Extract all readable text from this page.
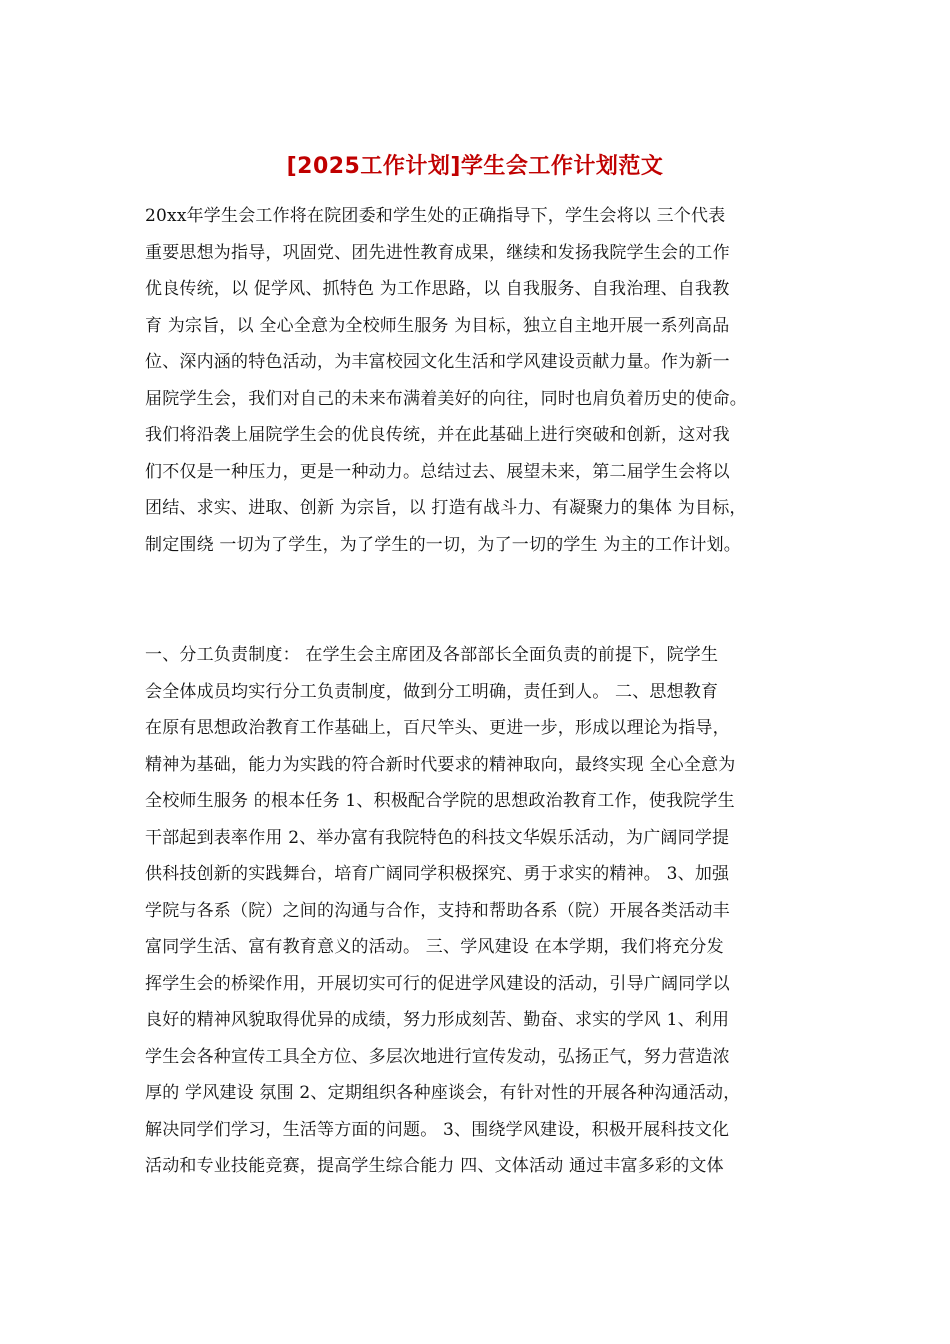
[2025工作计划]学生会工作计划范文
20xx年学生会工作将在院团委和学生处的正确指导下，学生会将以 三个代表
重要思想为指导，巩固党、团先进性教育成果，继续和发扬我院学生会的工作
优良传统，以 促学风、抓特色 为工作思路，以 自我服务、自我治理、自我教
育 为宗旨，以 全心全意为全校师生服务 为目标，独立自主地开展一系列高品
位、深内涵的特色活动，为丰富校园文化生活和学风建设贡献力量。作为新一
届院学生会，我们对自己的未来布满着美好的向往，同时也肩负着历史的使命。
我们将沿袭上届院学生会的优良传统，并在此基础上进行突破和创新，这对我
们不仅是一种压力，更是一种动力。总结过去、展望未来，第二届学生会将以
团结、求实、进取、创新 为宗旨，以 打造有战斗力、有凝聚力的集体 为目标，
制定围绕 一切为了学生，为了学生的一切，为了一切的学生 为主的工作计划。
一、分工负责制度： 在学生会主席团及各部部长全面负责的前提下，院学生
会全体成员均实行分工负责制度，做到分工明确，责任到人。 二、思想教育
在原有思想政治教育工作基础上，百尺竿头、更进一步，形成以理论为指导，
精神为基础，能力为实践的符合新时代要求的精神取向，最终实现 全心全意为
全校师生服务 的根本任务 1、积极配合学院的思想政治教育工作，使我院学生
干部起到表率作用 2、举办富有我院特色的科技文华娱乐活动，为广阔同学提
供科技创新的实践舞台，培育广阔同学积极探究、勇于求实的精神。 3、加强
学院与各系（院）之间的沟通与合作，支持和帮助各系（院）开展各类活动丰
富同学生活、富有教育意义的活动。 三、学风建设 在本学期，我们将充分发
挥学生会的桥梁作用，开展切实可行的促进学风建设的活动，引导广阔同学以
良好的精神风貌取得优异的成绩，努力形成刻苦、勤奋、求实的学风 1、利用
学生会各种宣传工具全方位、多层次地进行宣传发动，弘扬正气，努力营造浓
厚的 学风建设 氛围 2、定期组织各种座谈会，有针对性的开展各种沟通活动，
解决同学们学习，生活等方面的问题。 3、围绕学风建设，积极开展科技文化
活动和专业技能竞赛，提高学生综合能力 四、文体活动 通过丰富多彩的文体
